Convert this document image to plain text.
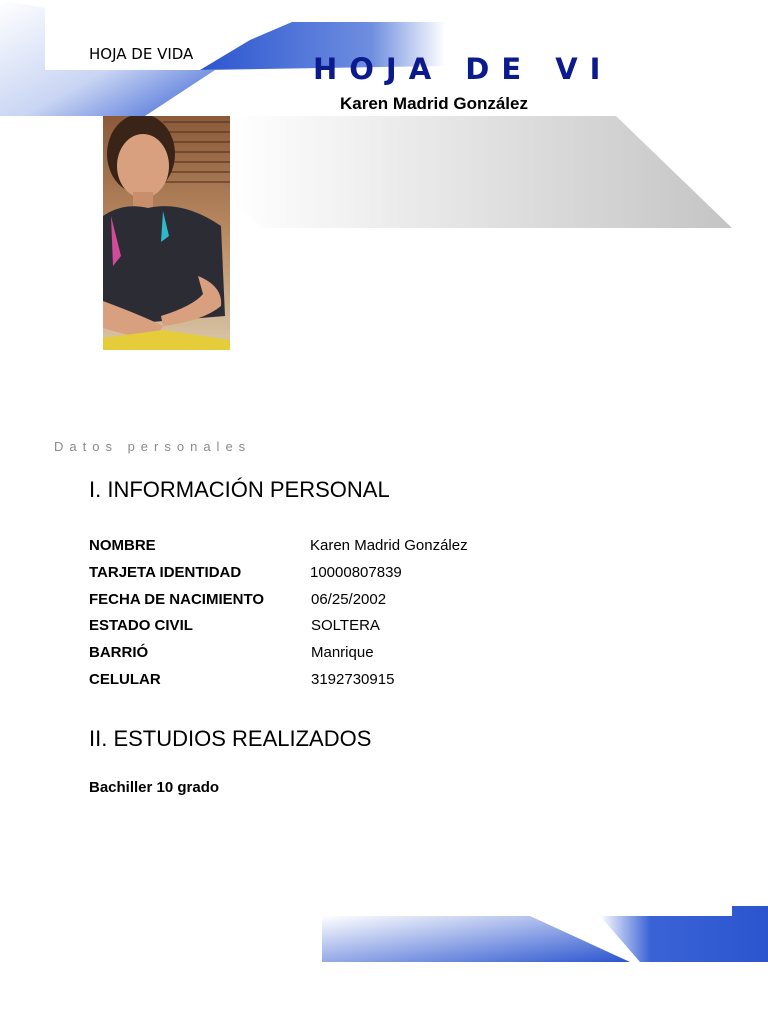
HOJA DE VIDA	HOJA DE VI
Karen Madrid González
Datos personales
I. INFORMACIÓN PERSONAL
NOMBRE	Karen Madrid González
TARJETA IDENTIDAD	10000807839
FECHA DE NACIMIENTO	06/25/2002
ESTADO CIVIL	SOLTERA
BARRIÓ	Manrique
CELULAR	3192730915
II. ESTUDIOS REALIZADOS
Bachiller 10 grado
